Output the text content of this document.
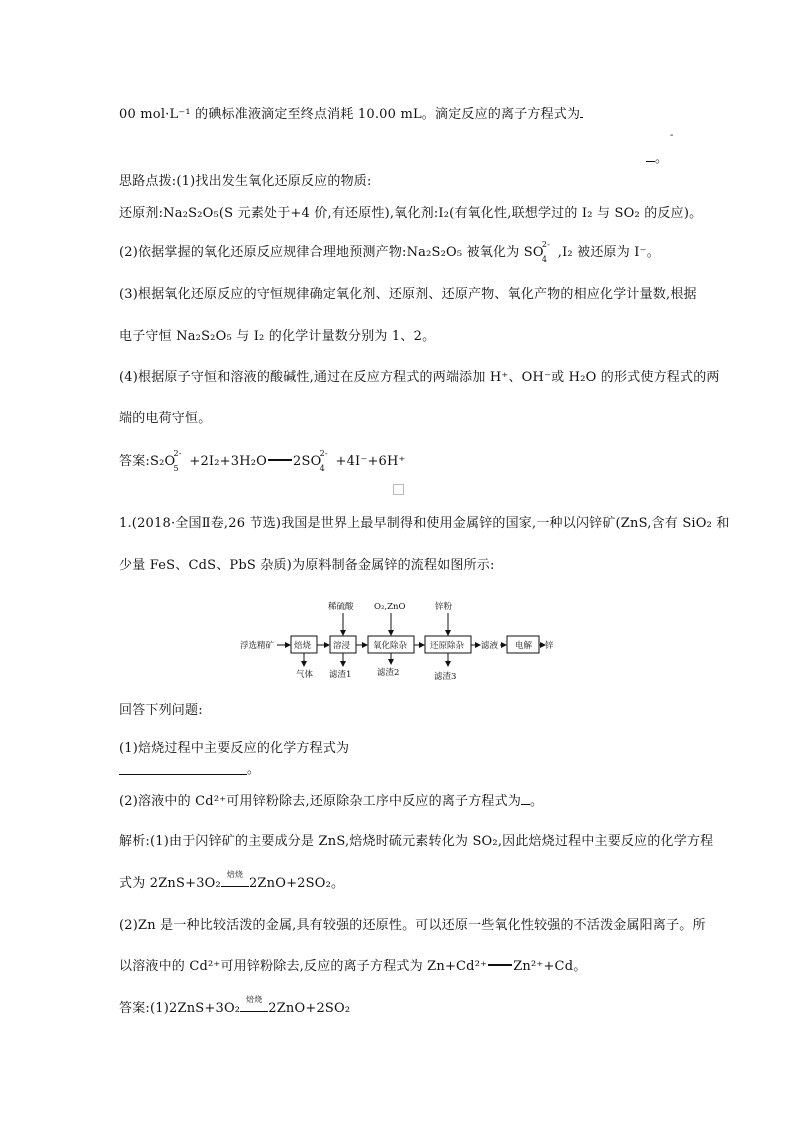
00 mol·L⁻¹ 的碘标准液滴定至终点消耗 10.00 mL。滴定反应的离子方程式为
-
。
思路点拨:(1)找出发生氧化还原反应的物质:
还原剂:Na₂S₂O₅(S 元素处于+4 价,有还原性),氧化剂:I₂(有氧化性,联想学过的 I₂ 与 SO₂ 的反应)。
(2)依据掌握的氧化还原反应规律合理地预测产物:Na₂S₂O₅ 被氧化为 SO
4
2-
,I₂ 被还原为 I⁻。
(3)根据氧化还原反应的守恒规律确定氧化剂、还原剂、还原产物、氧化产物的相应化学计量数,根据
电子守恒 Na₂S₂O₅ 与 I₂ 的化学计量数分别为 1、2。
(4)根据原子守恒和溶液的酸碱性,通过在反应方程式的两端添加 H⁺、OH⁻或 H₂O 的形式使方程式的两
端的电荷守恒。
答案:S₂O
5
2-
+2I₂+3H₂O 2SO
4
2-
+4I⁻+6H⁺
1.(2018·全国Ⅱ卷,26 节选)我国是世界上最早制得和使用金属锌的国家,一种以闪锌矿(ZnS,含有 SiO₂ 和
少量 FeS、CdS、PbS 杂质)为原料制备金属锌的流程如图所示:
浮选精矿 焙烧	溶浸	氧化除杂	还原除杂 滤液 电解 锌
稀硫酸 O₂,ZnO	锌粉
气体 滤渣1	滤渣2	滤渣3
回答下列问题:
(1)焙烧过程中主要反应的化学方程式为
。
(2)溶液中的 Cd²⁺可用锌粉除去,还原除杂工序中反应的离子方程式为 。
解析:(1)由于闪锌矿的主要成分是 ZnS,焙烧时硫元素转化为 SO₂,因此焙烧过程中主要反应的化学方程
式为 2ZnS+3O₂
焙烧
2ZnO+2SO₂。
(2)Zn 是一种比较活泼的金属,具有较强的还原性。可以还原一些氧化性较强的不活泼金属阳离子。所
以溶液中的 Cd²⁺可用锌粉除去,反应的离子方程式为 Zn+Cd²⁺ Zn²⁺+Cd。
答案:(1)2ZnS+3O₂
焙烧
2ZnO+2SO₂
